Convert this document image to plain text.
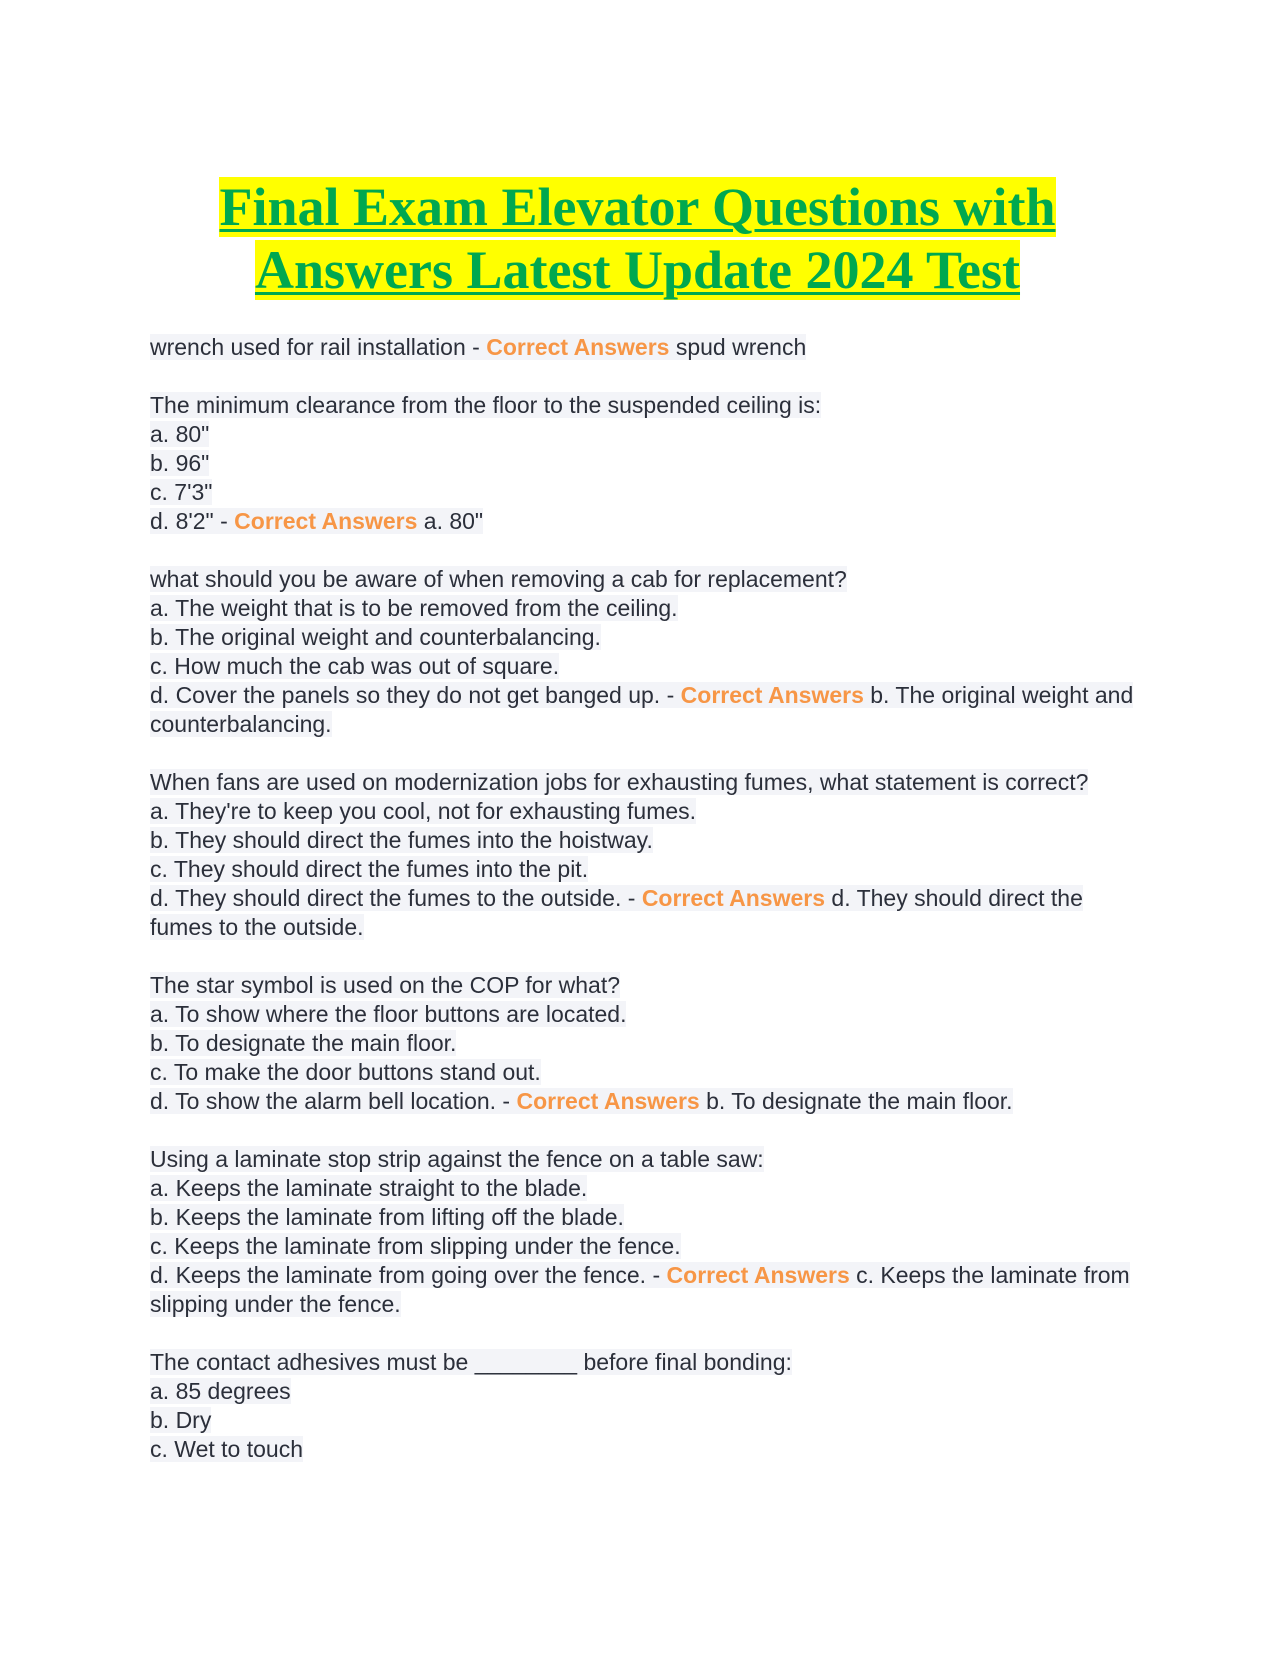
Final Exam Elevator Questions with
Answers Latest Update 2024 Test
wrench used for rail installation - Correct Answers spud wrench
The minimum clearance from the floor to the suspended ceiling is:
a. 80"
b. 96"
c. 7'3"
d. 8'2" - Correct Answers a. 80"
what should you be aware of when removing a cab for replacement?
a. The weight that is to be removed from the ceiling.
b. The original weight and counterbalancing.
c. How much the cab was out of square.
d. Cover the panels so they do not get banged up. - Correct Answers b. The original weight and counterbalancing.
When fans are used on modernization jobs for exhausting fumes, what statement is correct?
a. They're to keep you cool, not for exhausting fumes.
b. They should direct the fumes into the hoistway.
c. They should direct the fumes into the pit.
d. They should direct the fumes to the outside. - Correct Answers d. They should direct the fumes to the outside.
The star symbol is used on the COP for what?
a. To show where the floor buttons are located.
b. To designate the main floor.
c. To make the door buttons stand out.
d. To show the alarm bell location. - Correct Answers b. To designate the main floor.
Using a laminate stop strip against the fence on a table saw:
a. Keeps the laminate straight to the blade.
b. Keeps the laminate from lifting off the blade.
c. Keeps the laminate from slipping under the fence.
d. Keeps the laminate from going over the fence. - Correct Answers c. Keeps the laminate from slipping under the fence.
The contact adhesives must be ________ before final bonding:
a. 85 degrees
b. Dry
c. Wet to touch
